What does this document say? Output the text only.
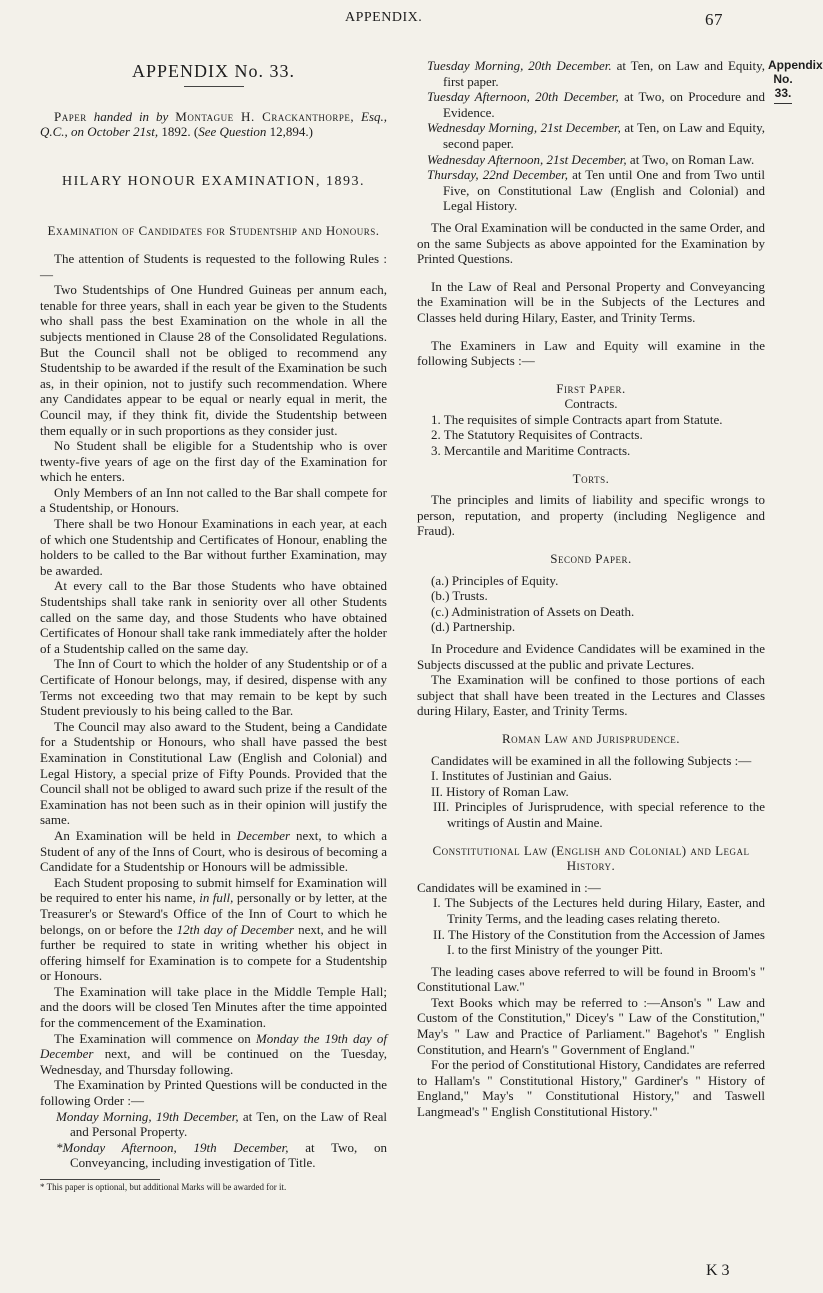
APPENDIX.	67
Appendix
No. 33.

APPENDIX No. 33.

Paper handed in by Montague H. Crackanthorpe, Esq., Q.C., on October 21st, 1892. (See Question 12,894.)

HILARY HONOUR EXAMINATION, 1893.

Examination of Candidates for Studentship and Honours.

The attention of Students is requested to the following Rules :—

Two Studentships of One Hundred Guineas per annum each, tenable for three years, shall in each year be given to the Students who shall pass the best Examination on the whole in all the subjects mentioned in Clause 28 of the Consolidated Regulations. But the Council shall not be obliged to recommend any Studentship to be awarded if the result of the Examination be such as, in their opinion, not to justify such recommendation. Where any Candidates appear to be equal or nearly equal in merit, the Council may, if they think fit, divide the Studentship between them equally or in such proportions as they consider just.

No Student shall be eligible for a Studentship who is over twenty-five years of age on the first day of the Examination for which he enters.

Only Members of an Inn not called to the Bar shall compete for a Studentship, or Honours.

There shall be two Honour Examinations in each year, at each of which one Studentship and Certificates of Honour, enabling the holders to be called to the Bar without further Examination, may be awarded.

At every call to the Bar those Students who have obtained Studentships shall take rank in seniority over all other Students called on the same day, and those Students who have obtained Certificates of Honour shall take rank immediately after the holder of a Studentship called on the same day.

The Inn of Court to which the holder of any Studentship or of a Certificate of Honour belongs, may, if desired, dispense with any Terms not exceeding two that may remain to be kept by such Student previously to his being called to the Bar.

The Council may also award to the Student, being a Candidate for a Studentship or Honours, who shall have passed the best Examination in Constitutional Law (English and Colonial) and Legal History, a special prize of Fifty Pounds. Provided that the Council shall not be obliged to award such prize if the result of the Examination has not been such as in their opinion will justify the same.

An Examination will be held in December next, to which a Student of any of the Inns of Court, who is desirous of becoming a Candidate for a Studentship or Honours will be admissible.

Each Student proposing to submit himself for Examination will be required to enter his name, in full, personally or by letter, at the Treasurer's or Steward's Office of the Inn of Court to which he belongs, on or before the 12th day of December next, and he will further be required to state in writing whether his object in offering himself for Examination is to compete for a Studentship or Honours.

The Examination will take place in the Middle Temple Hall; and the doors will be closed Ten Minutes after the time appointed for the commencement of the Examination.

The Examination will commence on Monday the 19th day of December next, and will be continued on the Tuesday, Wednesday, and Thursday following.

The Examination by Printed Questions will be conducted in the following Order :—

Monday Morning, 19th December, at Ten, on the Law of Real and Personal Property.

*Monday Afternoon, 19th December, at Two, on Conveyancing, including investigation of Title.

* This paper is optional, but additional Marks will be awarded for it.

Tuesday Morning, 20th December. at Ten, on Law and Equity, first paper.

Tuesday Afternoon, 20th December, at Two, on Procedure and Evidence.

Wednesday Morning, 21st December, at Ten, on Law and Equity, second paper.

Wednesday Afternoon, 21st December, at Two, on Roman Law.

Thursday, 22nd December, at Ten until One and from Two until Five, on Constitutional Law (English and Colonial) and Legal History.

The Oral Examination will be conducted in the same Order, and on the same Subjects as above appointed for the Examination by Printed Questions.

In the Law of Real and Personal Property and Conveyancing the Examination will be in the Subjects of the Lectures and Classes held during Hilary, Easter, and Trinity Terms.

The Examiners in Law and Equity will examine in the following Subjects :—

First Paper.

Contracts.

1. The requisites of simple Contracts apart from Statute.

2. The Statutory Requisites of Contracts.

3. Mercantile and Maritime Contracts.

Torts.

The principles and limits of liability and specific wrongs to person, reputation, and property (including Negligence and Fraud).

Second Paper.

(a.) Principles of Equity.

(b.) Trusts.

(c.) Administration of Assets on Death.

(d.) Partnership.

In Procedure and Evidence Candidates will be examined in the Subjects discussed at the public and private Lectures.

The Examination will be confined to those portions of each subject that shall have been treated in the Lectures and Classes during Hilary, Easter, and Trinity Terms.

Roman Law and Jurisprudence.

Candidates will be examined in all the following Subjects :—

I. Institutes of Justinian and Gaius.

II. History of Roman Law.

III. Principles of Jurisprudence, with special reference to the writings of Austin and Maine.

Constitutional Law (English and Colonial) and Legal History.

Candidates will be examined in :—

I. The Subjects of the Lectures held during Hilary, Easter, and Trinity Terms, and the leading cases relating thereto.

II. The History of the Constitution from the Accession of James I. to the first Ministry of the younger Pitt.

The leading cases above referred to will be found in Broom's " Constitutional Law."

Text Books which may be referred to :—Anson's " Law and Custom of the Constitution," Dicey's " Law of the Constitution," May's " Law and Practice of Parliament." Bagehot's " English Constitution, and Hearn's " Government of England."

For the period of Constitutional History, Candidates are referred to Hallam's " Constitutional History," Gardiner's " History of England," May's " Constitutional History," and Taswell Langmead's " English Constitutional History."

K 3
